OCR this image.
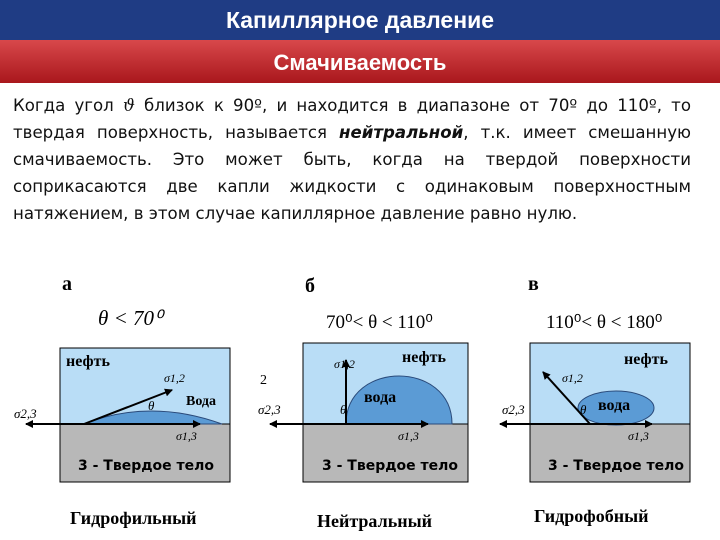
Капиллярное давление
Смачиваемость
Когда угол ϑ близок к 90º, и находится в диапазоне от 70º до 110º, то твердая поверхность, называется нейтральной, т.к. имеет смешанную смачиваемость. Это может быть, когда на твердой поверхности соприкасаются две капли жидкости с одинаковым поверхностным натяжением, в этом случае капиллярное давление равно нулю.
а
θ < 70⁰
нефть
Вода
σ1,2
σ1,3
σ2,3
θ
3 - Твердое тело
Гидрофильный
б
70⁰< θ < 110⁰
нефть
вода
σ1,2
σ1,3
σ2,3
2
θ
3 - Твердое тело
Нейтральный
в
110⁰< θ < 180⁰
нефть
вода
σ1,2
σ1,3
σ2,3	θ
3 - Твердое тело
Гидрофобный
